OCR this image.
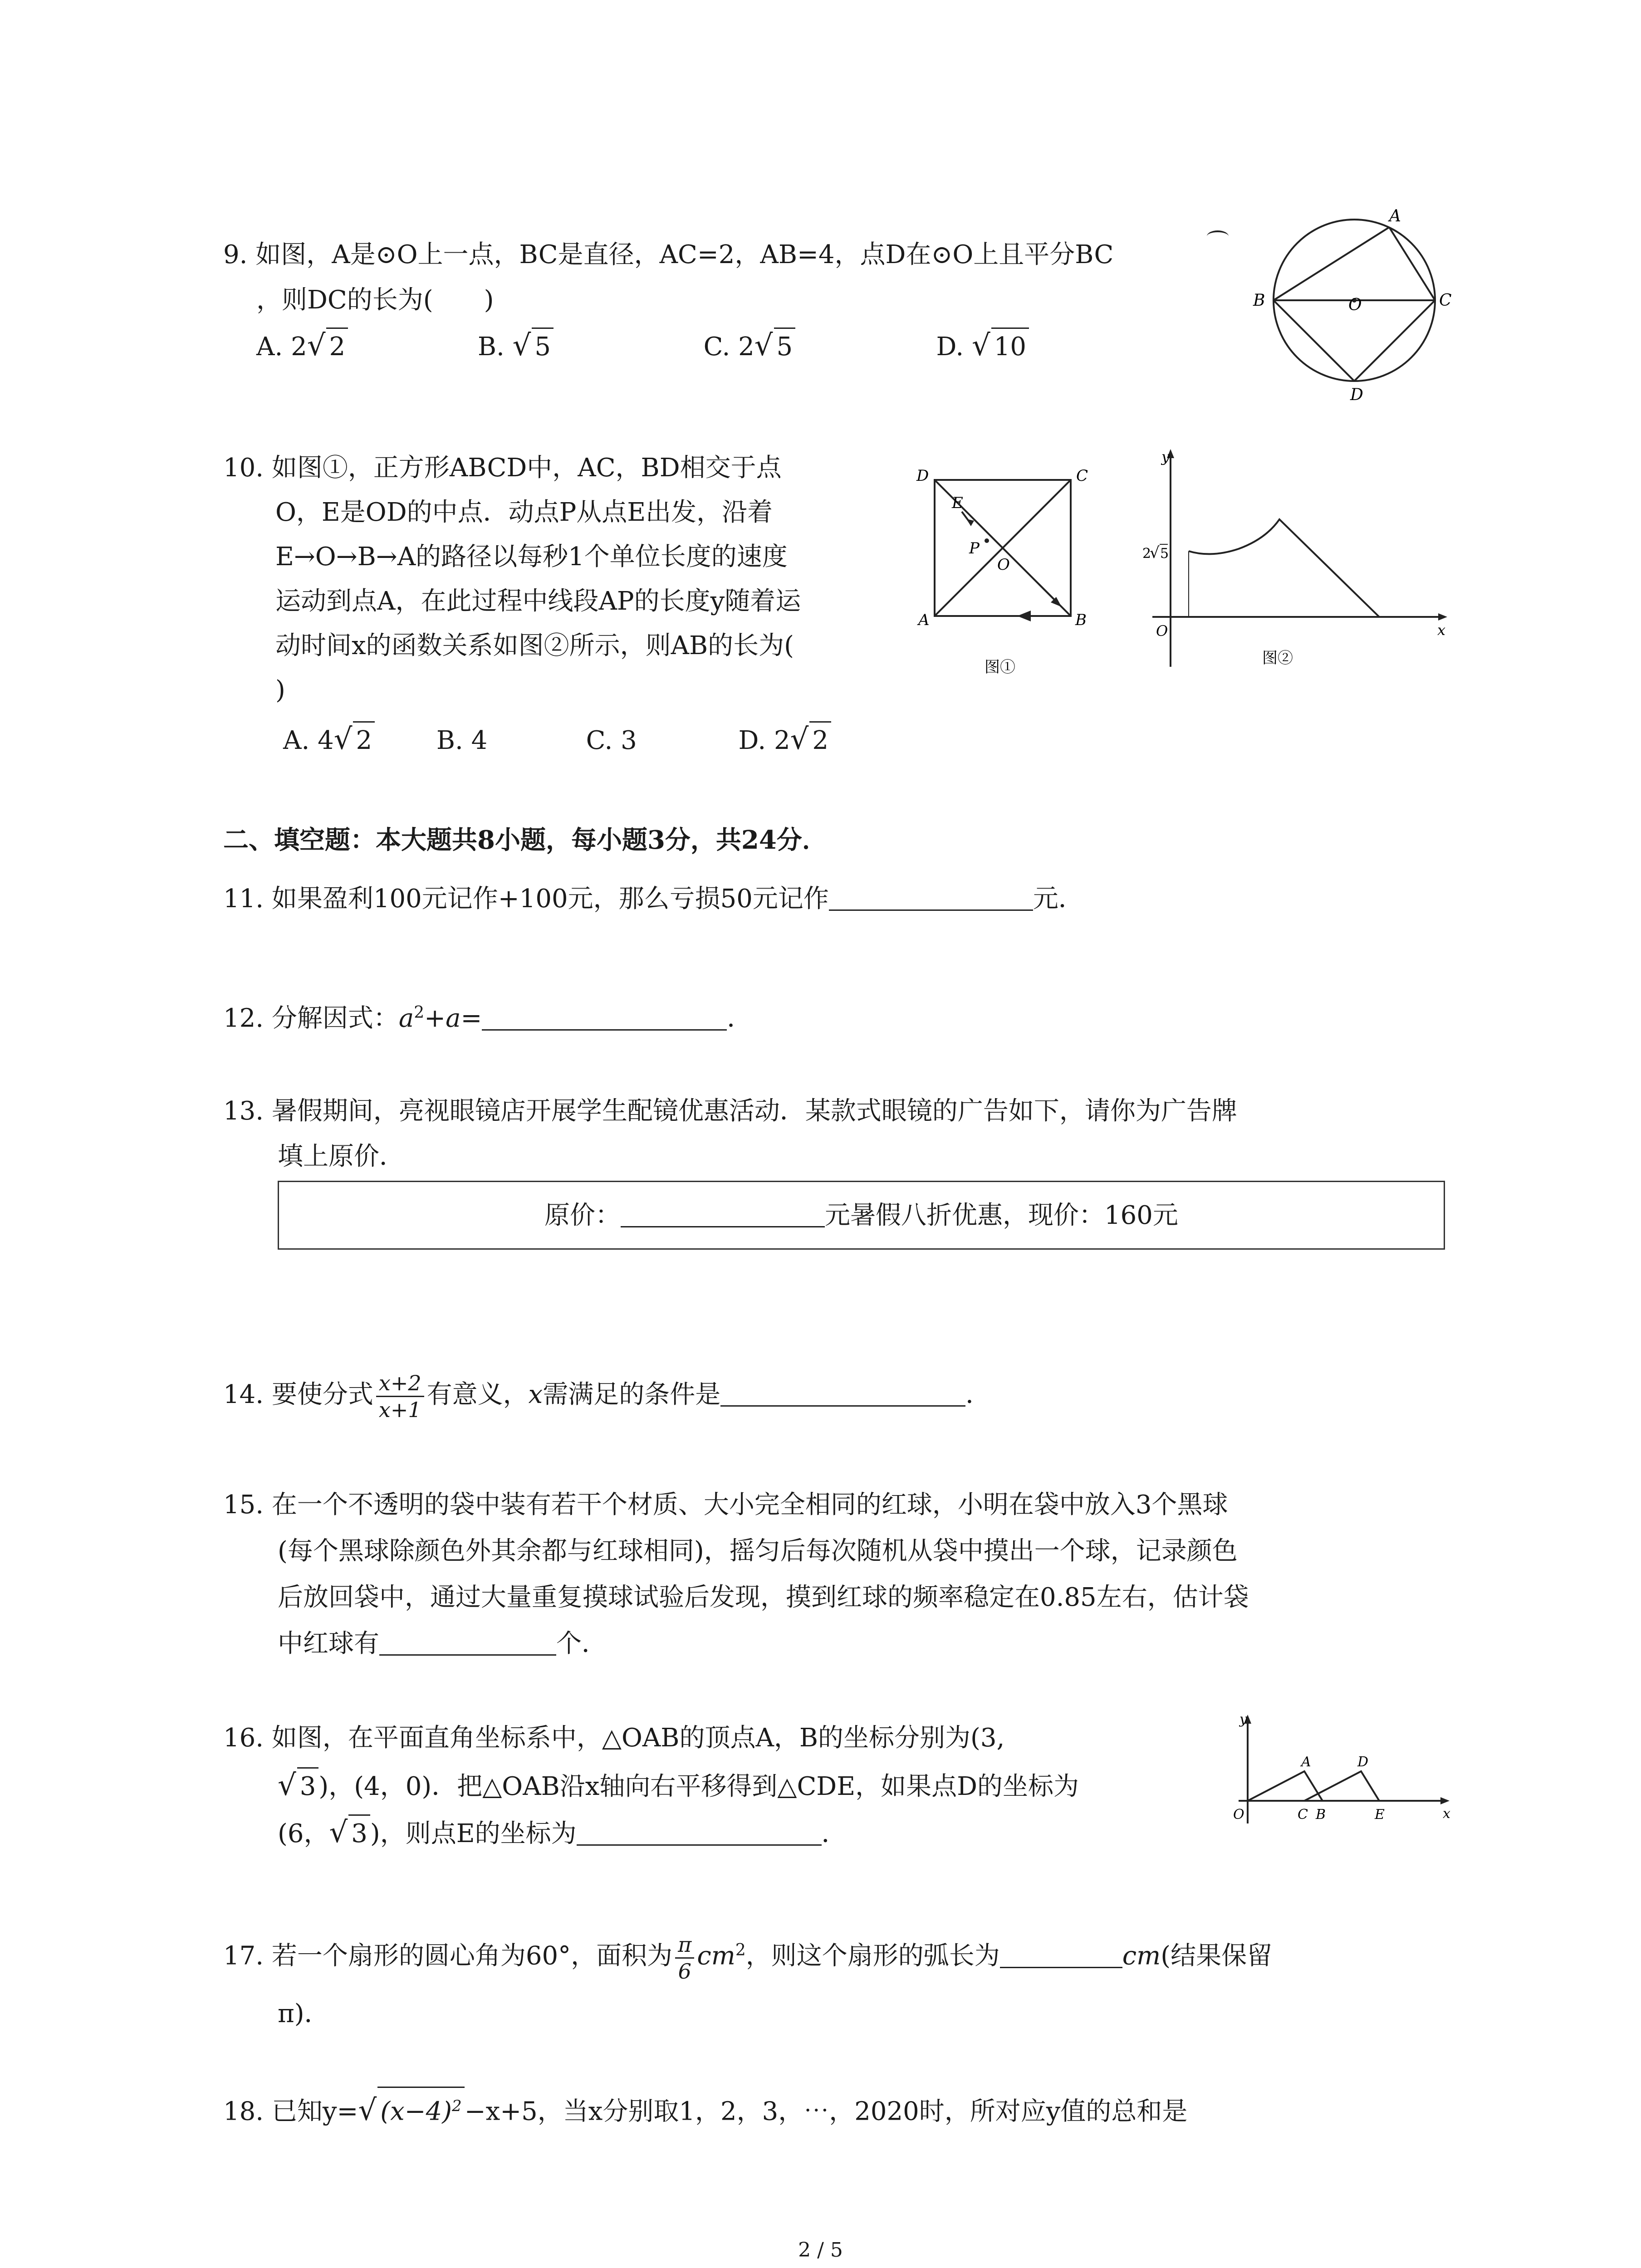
9. 如图，A是⊙O上一点，BC是直径，AC=2，AB=4，点D在⊙O上且平分BC
，则DC的长为(　　)
A. 2√ 2	B. √ 5	C. 2√ 5	D. √ 10
A
B	C
D
O
10. 如图①，正方形ABCD中，AC，BD相交于点
O，E是OD的中点．动点P从点E出发，沿着
E→O→B→A的路径以每秒1个单位长度的速度
运动到点A，在此过程中线段AP的长度y随着运
动时间x的函数关系如图②所示，则AB的长为(
)
A. 4√ 2	B. 4	C. 3	D. 2√ 2
D	C
A	B
E
P
O
图①
y
x
O
2
√ 5
图②
二、填空题：本大题共8小题，每小题3分，共24分．
11. 如果盈利100元记作+100元，那么亏损50元记作	元．
12. 分解因式：$a^2+a=$	．
13. 暑假期间，亮视眼镜店开展学生配镜优惠活动．某款式眼镜的广告如下，请你为广告牌
填上原价．
原价：	元暑假八折优惠，现价：160元
14. 要使分式 $\frac{x+2}{x+1}$ 有意义，x需满足的条件是	．
15. 在一个不透明的袋中装有若干个材质、大小完全相同的红球，小明在袋中放入3个黑球
(每个黑球除颜色外其余都与红球相同)，摇匀后每次随机从袋中摸出一个球，记录颜色
后放回袋中，通过大量重复摸球试验后发现，摸到红球的频率稳定在0.85左右，估计袋
中红球有	个．
16. 如图，在平面直角坐标系中，△OAB的顶点A，B的坐标分别为(3,
√ 3 )，(4，0)．把△OAB沿x轴向右平移得到△CDE，如果点D的坐标为
(6，√ 3 )，则点E的坐标为	．
y
x
O
A	D
C B	E
17. 若一个扇形的圆心角为60°，面积为 $\frac{\pi}{6} cm^2$，则这个扇形的弧长为	cm(结果保留
π)．
18. 已知y=√ $(x-4)^2 -x+5$，当x分别取1，2，3，⋯，2020时，所对应y值的总和是
2 / 5
